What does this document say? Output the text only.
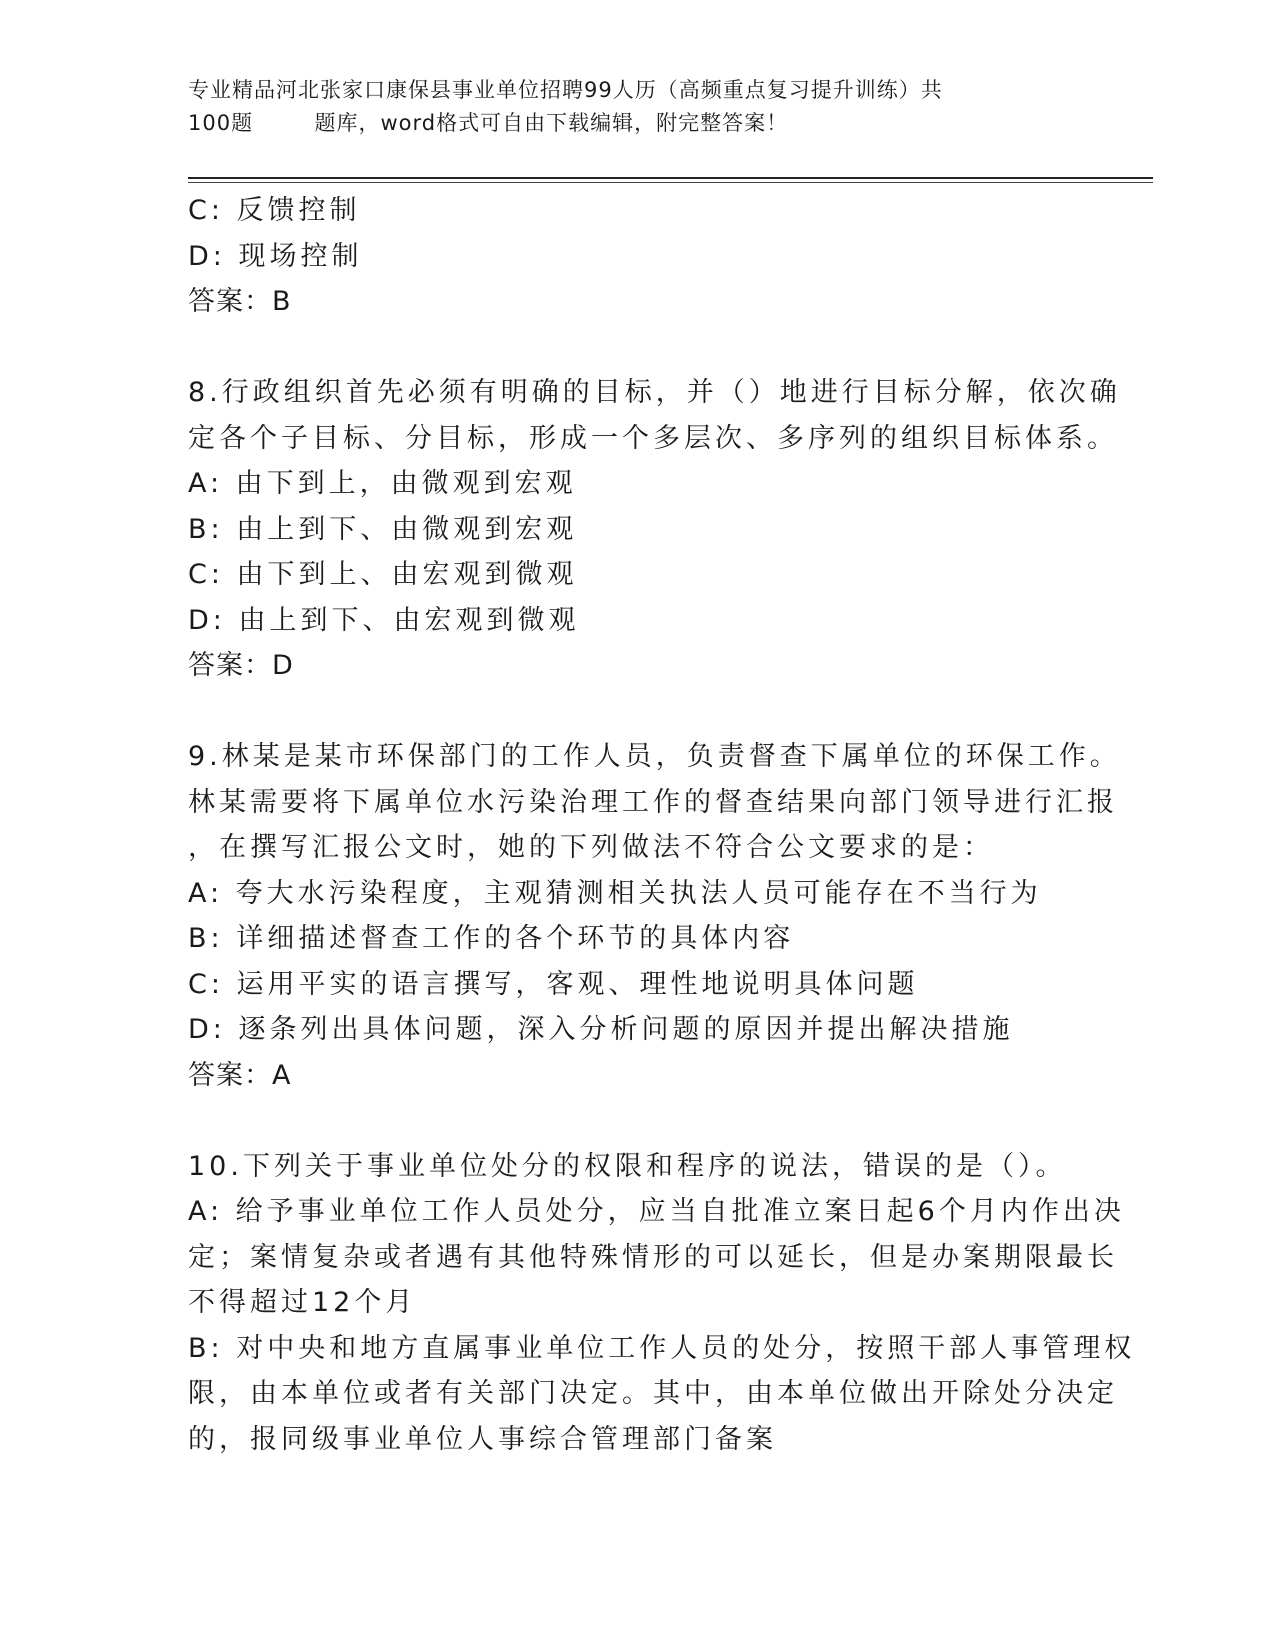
专业精品河北张家口康保县事业单位招聘99人历（高频重点复习提升训练）共
100题        题库，word格式可自由下载编辑，附完整答案！
C: 反馈控制
D: 现场控制
答案：B
8.行政组织首先必须有明确的目标，并（）地进行目标分解，依次确
定各个子目标、分目标，形成一个多层次、多序列的组织目标体系。
A: 由下到上，由微观到宏观
B: 由上到下、由微观到宏观
C: 由下到上、由宏观到微观
D: 由上到下、由宏观到微观
答案：D
9.林某是某市环保部门的工作人员，负责督查下属单位的环保工作。
林某需要将下属单位水污染治理工作的督查结果向部门领导进行汇报
，在撰写汇报公文时，她的下列做法不符合公文要求的是：
A: 夸大水污染程度，主观猜测相关执法人员可能存在不当行为
B: 详细描述督查工作的各个环节的具体内容
C: 运用平实的语言撰写，客观、理性地说明具体问题
D: 逐条列出具体问题，深入分析问题的原因并提出解决措施
答案：A
10.下列关于事业单位处分的权限和程序的说法，错误的是（）。
A: 给予事业单位工作人员处分，应当自批准立案日起6个月内作出决
定；案情复杂或者遇有其他特殊情形的可以延长，但是办案期限最长
不得超过12个月
B: 对中央和地方直属事业单位工作人员的处分，按照干部人事管理权
限，由本单位或者有关部门决定。其中，由本单位做出开除处分决定
的，报同级事业单位人事综合管理部门备案
